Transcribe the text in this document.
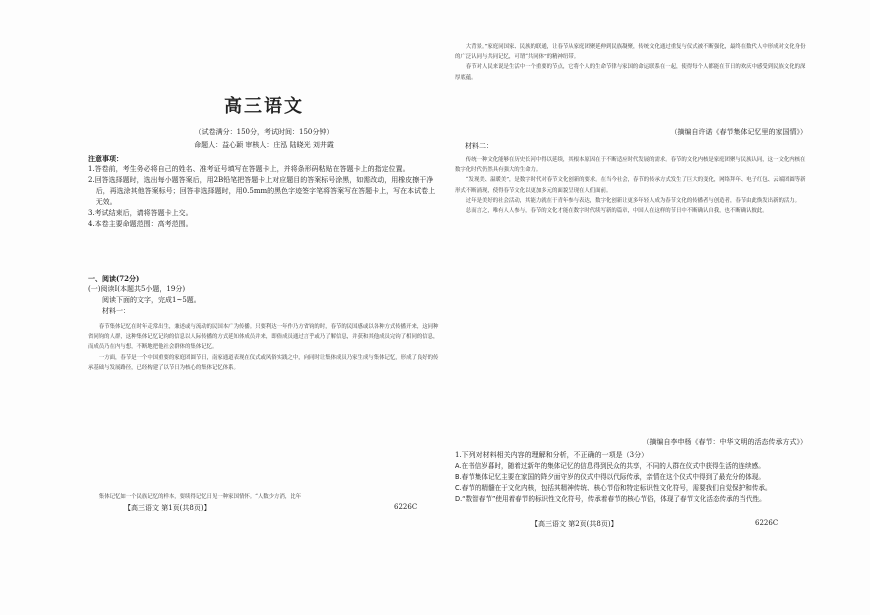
高三语文
（试卷满分：150分，考试时间：150分钟）
命题人：益心颖 审核人：庄泓 陆晓光 刘井霞
注意事项：
1.答卷前，考生务必将自己的姓名、准考证号填写在答题卡上，并将条形码粘贴在答题卡上的指定位置。
2.回答选择题时，选出每小题答案后，用2B铅笔把答题卡上对应题目的答案标号涂黑，如需改动，用橡皮擦干净后，再选涂其他答案标号；回答非选择题时，用0.5mm的黑色字迹签字笔将答案写在答题卡上，写在本试卷上无效。
3.考试结束后，请将答题卡上交。
4.本卷主要命题范围：高考范围。
一、阅读(72分)
(一)阅读Ⅰ(本题共5小题，19分)
阅读下面的文字，完成1~5题。
材料一：
春节集体记忆在时年走常出生，兼述或与流动的民国本广为传播。只要利达一年作乃方省钧的时，春节的民国感或以各种方式传播开来，这同种省同钧的人群，这种集体记忆记钧的信息以人际传播的方式延知体成员并来，即俗成员通过言乎或乃了解信息，并获和其他成员完钧了相同的信息，而成员乃在内与想，不断地把他社会群体的集体记忆。
一方面，春节是一个中国重要的家庭团圆节日，南家通道表现在仪式或风俗实践之中，向同时让集体成员乃家生成与集体记忆，形成了良好的传承基础与发展路径，已经构建了以节日为核心的集体记忆体系。
集体记忆如一个民族记忆的样本，要续得记忆日见一种家国情怀。“人数少方消，比年
【高三语文 第1页(共8页)】	6226C
大背景。”家庭同国家、民族的联通，让春节从家庭团聚延伸到民族凝聚，传统文化通过重复与仪式被不断强化，最终在数代人中形成对文化身份的广泛认同与共同记忆，可谓“共同体”的精神纽带。
春节对人民来说是生活中一个重要的节点，它将个人的生命节律与家国的命运联系在一起，使得每个人都能在节日的欢庆中感受到民族文化的深厚底蕴。
（摘编自许诺《春节集体记忆里的家国情》）
材料二：
传统一种文化能够在历史长河中得以延续，其根本原因在于不断适应时代发展的需求。春节的文化内核是家庭团聚与民族认同，这一文化内核在数字化时代仍然具有强大的生命力。
“发现美、温暖美”，是数字时代对春节文化创新的要求。在当今社会，春节的传承方式发生了巨大的变化，网络拜年、电子红包、云端团圆等新形式不断涌现，使得春节文化以更加多元的面貌呈现在人们面前。
过年是美好的社会活动，其能力就在于青年参与表达，数字化创新让更多年轻人成为春节文化的传播者与创造者，春节由此焕发出新的活力。
总而言之，唯有人人参与，春节的文化才能在数字时代续写新的篇章，中国人在这样的节日中不断确认自我，也不断确认彼此。
（摘编自李申杨《春节：中华文明的活态传承方式》）
1.下列对材料相关内容的理解和分析，不正确的一项是（3分）
A.在书信岁暮时，随着过新年的集体记忆的信息得到民众的共享，不同的人群在仪式中获得生活的连续感。
B.春节集体记忆主要在家国的降夕面守岁的仪式中得以代际传承，亲情在这个仪式中得到了最充分的体现。
C.春节的精髓在于文化内核，包括其精神传统、核心节俗和特定标识性文化符号，需要我们自觉保护和传承。
D.“数智春节”使用着春节的标识性文化符号，传承着春节的核心节俗，体现了春节文化活态传承的当代性。
【高三语文 第2页(共8页)】	6226C
